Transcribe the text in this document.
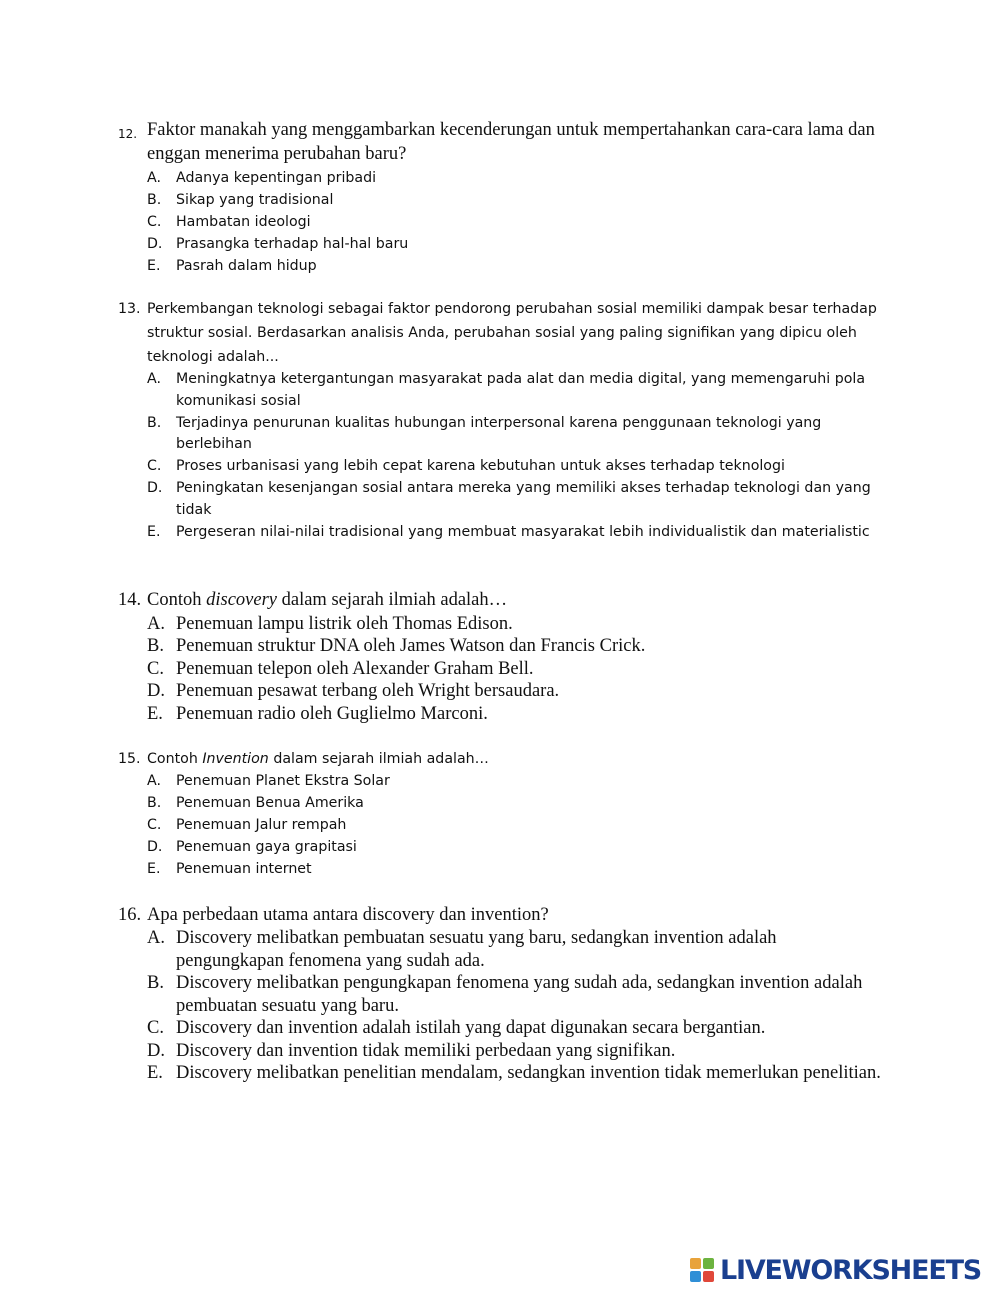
12. Faktor manakah yang menggambarkan kecenderungan untuk mempertahankan cara-cara lama dan enggan menerima perubahan baru?
A.	Adanya kepentingan pribadi
B.	Sikap yang tradisional
C.	Hambatan ideologi
D. Prasangka terhadap hal-hal baru
E.	Pasrah dalam hidup
13. Perkembangan teknologi sebagai faktor pendorong perubahan sosial memiliki dampak besar terhadap struktur sosial. Berdasarkan analisis Anda, perubahan sosial yang paling signifikan yang dipicu oleh teknologi adalah...
A.	Meningkatnya ketergantungan masyarakat pada alat dan media digital, yang memengaruhi pola komunikasi sosial
B.	Terjadinya penurunan kualitas hubungan interpersonal karena penggunaan teknologi yang berlebihan
C.	Proses urbanisasi yang lebih cepat karena kebutuhan untuk akses terhadap teknologi
D. Peningkatan kesenjangan sosial antara mereka yang memiliki akses terhadap teknologi dan yang tidak
E.	Pergeseran nilai-nilai tradisional yang membuat masyarakat lebih individualistik dan materialistic
14. Contoh discovery dalam sejarah ilmiah adalah…
A. Penemuan lampu listrik oleh Thomas Edison.
B. Penemuan struktur DNA oleh James Watson dan Francis Crick.
C. Penemuan telepon oleh Alexander Graham Bell.
D. Penemuan pesawat terbang oleh Wright bersaudara.
E. Penemuan radio oleh Guglielmo Marconi.
15. Contoh Invention dalam sejarah ilmiah adalah…
A.	Penemuan Planet Ekstra Solar
B.	Penemuan Benua Amerika
C.	Penemuan Jalur rempah
D. Penemuan gaya grapitasi
E.	Penemuan internet
16. Apa perbedaan utama antara discovery dan invention?
A. Discovery melibatkan pembuatan sesuatu yang baru, sedangkan invention adalah pengungkapan fenomena yang sudah ada.
B. Discovery melibatkan pengungkapan fenomena yang sudah ada, sedangkan invention adalah pembuatan sesuatu yang baru.
C. Discovery dan invention adalah istilah yang dapat digunakan secara bergantian.
D. Discovery dan invention tidak memiliki perbedaan yang signifikan.
E. Discovery melibatkan penelitian mendalam, sedangkan invention tidak memerlukan penelitian.
LIVEWORKSHEETS
